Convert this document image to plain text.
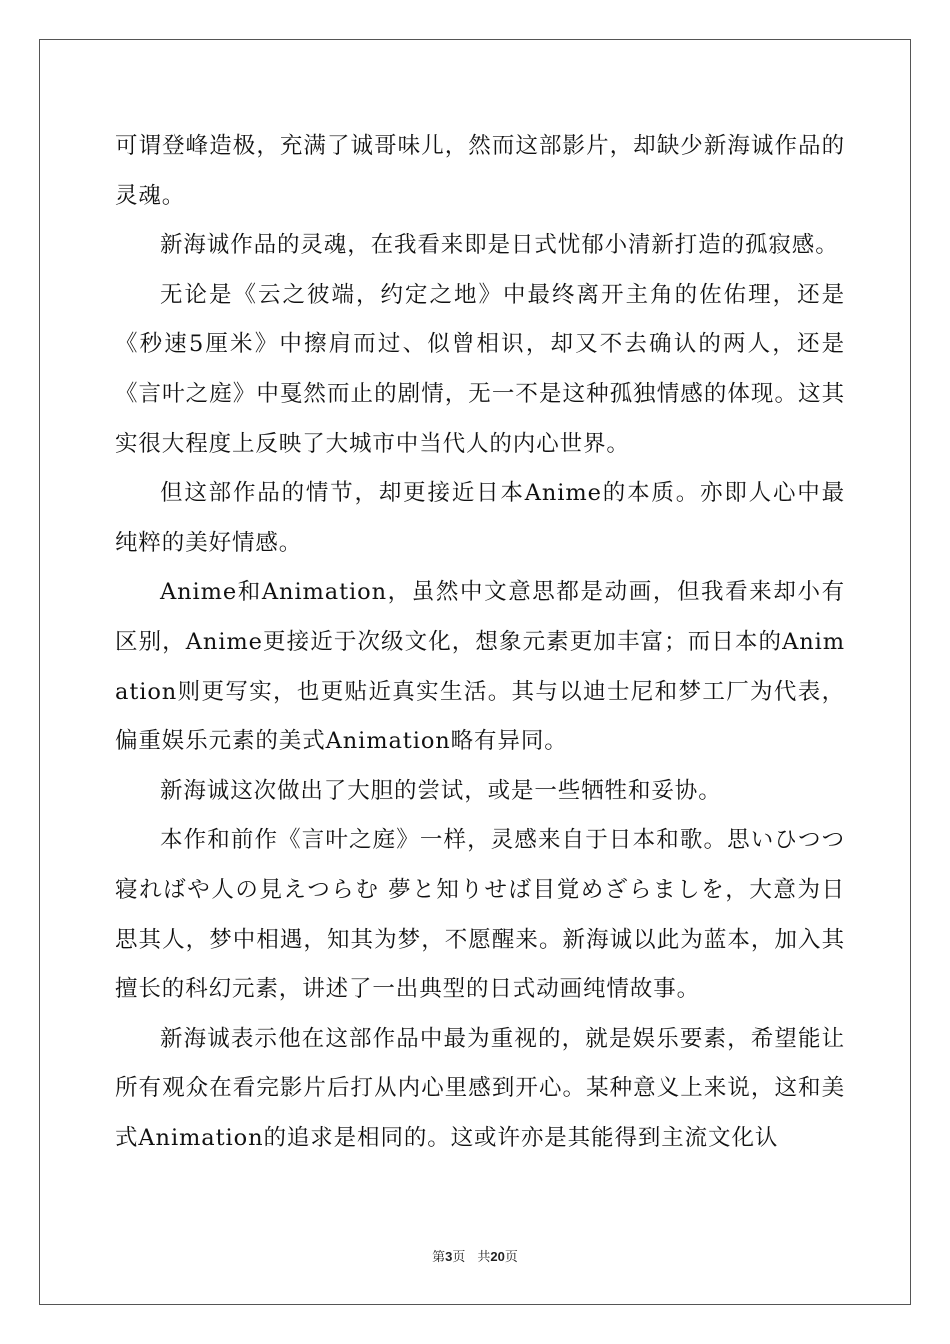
可谓登峰造极，充满了诚哥味儿，然而这部影片，却缺少新海诚作品的灵魂。

新海诚作品的灵魂，在我看来即是日式忧郁小清新打造的孤寂感。

无论是《云之彼端，约定之地》中最终离开主角的佐佑理，还是《秒速5厘米》中擦肩而过、似曾相识，却又不去确认的两人，还是《言叶之庭》中戛然而止的剧情，无一不是这种孤独情感的体现。这其实很大程度上反映了大城市中当代人的内心世界。

但这部作品的情节，却更接近日本Anime的本质。亦即人心中最纯粹的美好情感。

Anime和Animation，虽然中文意思都是动画，但我看来却小有区别，Anime更接近于次级文化，想象元素更加丰富；而日本的Animation则更写实，也更贴近真实生活。其与以迪士尼和梦工厂为代表，偏重娱乐元素的美式Animation略有异同。

新海诚这次做出了大胆的尝试，或是一些牺牲和妥协。

本作和前作《言叶之庭》一样，灵感来自于日本和歌。思いひつつ寝ればや人の見えつらむ 夢と知りせば目覚めざらましを，大意为日思其人，梦中相遇，知其为梦，不愿醒来。新海诚以此为蓝本，加入其擅长的科幻元素，讲述了一出典型的日式动画纯情故事。

新海诚表示他在这部作品中最为重视的，就是娱乐要素，希望能让所有观众在看完影片后打从内心里感到开心。某种意义上来说，这和美式Animation的追求是相同的。这或许亦是其能得到主流文化认

第3页 共20页
